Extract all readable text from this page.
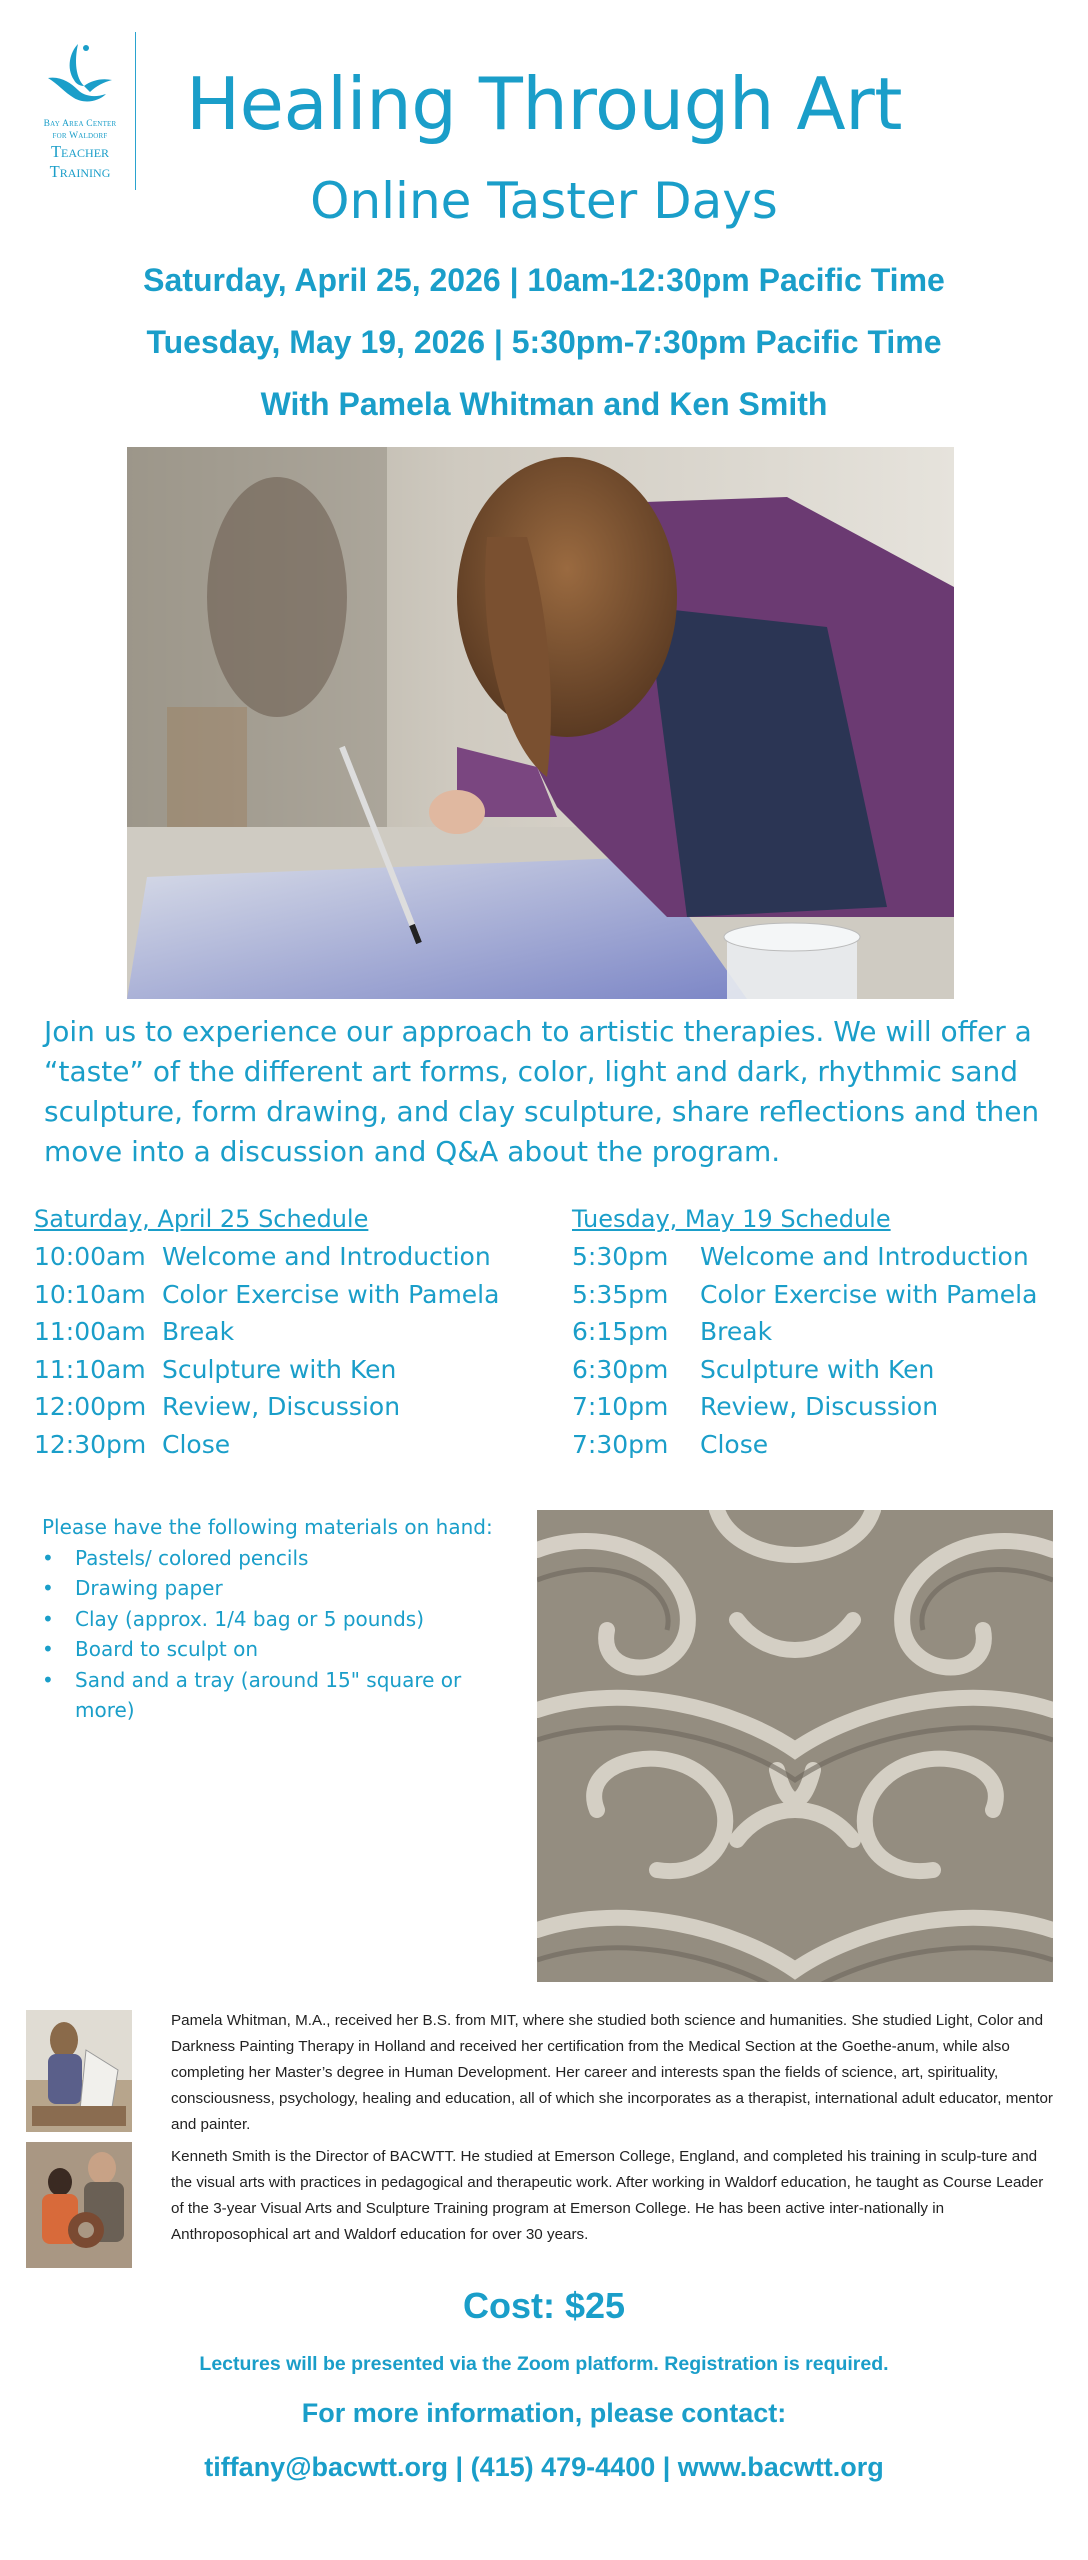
Bay Area Center
for Waldorf
Teacher
Training
Healing Through Art
Online Taster Days
Saturday, April 25, 2026 | 10am-12:30pm Pacific Time
Tuesday, May 19, 2026 | 5:30pm-7:30pm Pacific Time
With Pamela Whitman and Ken Smith
Join us to experience our approach to artistic therapies. We will offer a “taste” of the different art forms, color, light and dark, rhythmic sand sculpture, form drawing, and clay sculpture, share reflections and then move into a discussion and Q&A about the program.
Saturday, April 25 Schedule
10:00am Welcome and Introduction
10:10am Color Exercise with Pamela
11:00am Break
11:10am Sculpture with Ken
12:00pm Review, Discussion
12:30pm Close
Tuesday, May 19 Schedule
5:30pm	Welcome and Introduction
5:35pm	Color Exercise with Pamela
6:15pm	Break
6:30pm	Sculpture with Ken
7:10pm	Review, Discussion
7:30pm	Close
Please have the following materials on hand:
• Pastels/ colored pencils
• Drawing paper
• Clay (approx. 1/4 bag or 5 pounds)
• Board to sculpt on
• Sand and a tray (around 15" square or more)
Pamela Whitman, M.A., received her B.S. from MIT, where she studied both science and humanities. She studied Light, Color and Darkness Painting Therapy in Holland and received her certification from the Medical Section at the Goethe-anum, while also completing her Master’s degree in Human Development. Her career and interests span the fields of science, art, spirituality, consciousness, psychology, healing and education, all of which she incorporates as a therapist, international adult educator, mentor and painter.
Kenneth Smith is the Director of BACWTT. He studied at Emerson College, England, and completed his training in sculp-ture and the visual arts with practices in pedagogical and therapeutic work. After working in Waldorf education, he taught as Course Leader of the 3-year Visual Arts and Sculpture Training program at Emerson College. He has been active inter-nationally in Anthroposophical art and Waldorf education for over 30 years.
Cost: $25
Lectures will be presented via the Zoom platform. Registration is required.
For more information, please contact:
tiffany@bacwtt.org | (415) 479-4400 | www.bacwtt.org
